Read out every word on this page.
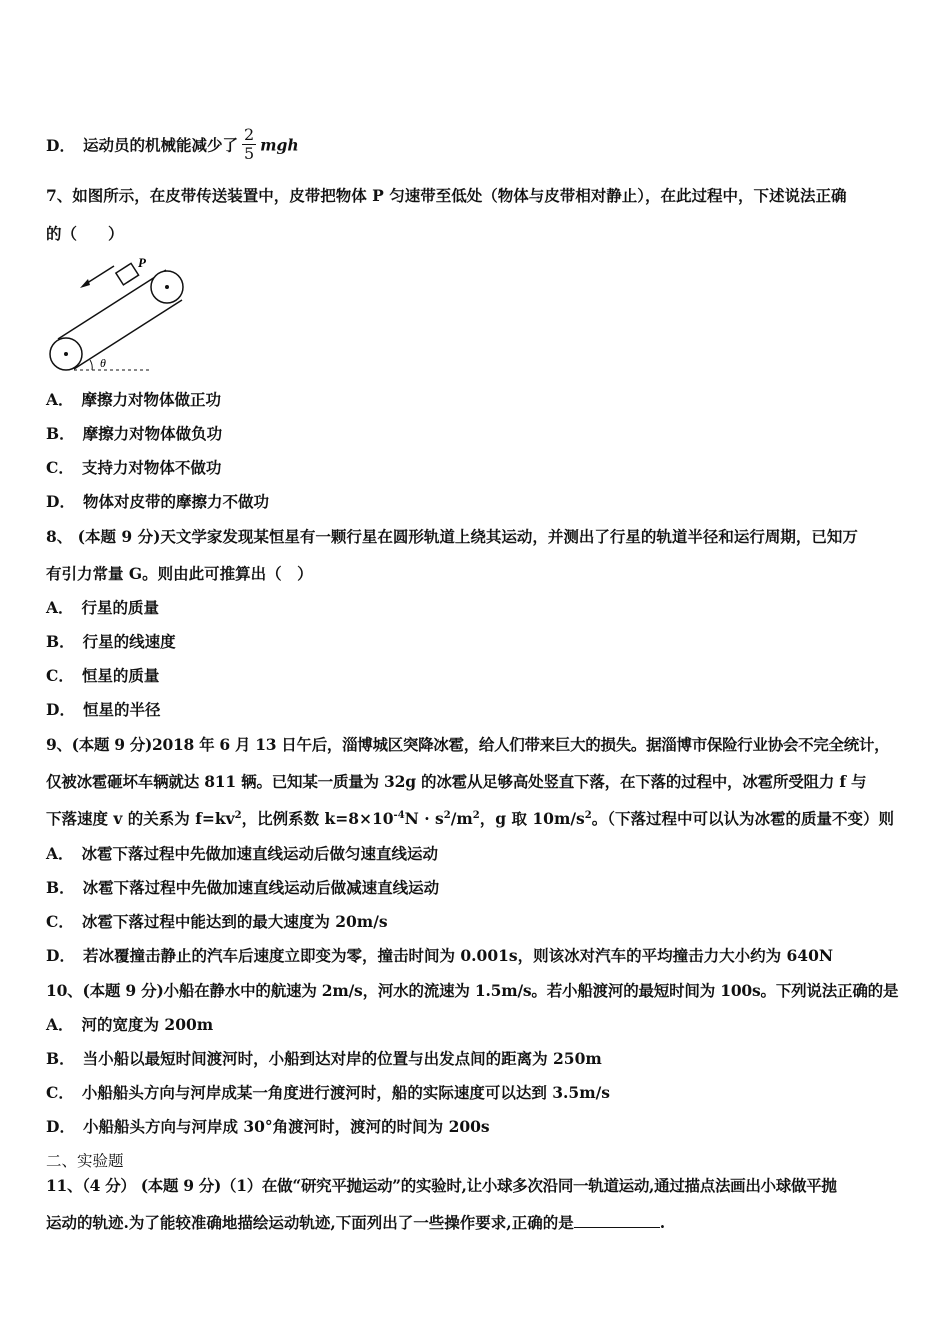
D． 运动员的机械能减少了 $\frac{2}{5}$ mgh
7、如图所示，在皮带传送装置中，皮带把物体 P 匀速带至低处（物体与皮带相对静止），在此过程中，下述说法正确
的（　　）
P
θ
A． 摩擦力对物体做正功
B． 摩擦力对物体做负功
C． 支持力对物体不做功
D． 物体对皮带的摩擦力不做功
8、 (本题 9 分)天文学家发现某恒星有一颗行星在圆形轨道上绕其运动，并测出了行星的轨道半径和运行周期，已知万
有引力常量 G。则由此可推算出（　）
A． 行星的质量
B． 行星的线速度
C． 恒星的质量
D． 恒星的半径
9、(本题 9 分)2018 年 6 月 13 日午后，淄博城区突降冰雹，给人们带来巨大的损失。据淄博市保险行业协会不完全统计，
仅被冰雹砸坏车辆就达 811 辆。已知某一质量为 32g 的冰雹从足够高处竖直下落，在下落的过程中，冰雹所受阻力 f 与
下落速度 v 的关系为 $f=kv^2$，比例系数 $k=8\times 10^{-4}N \cdot s^2/m^2$，g 取 $10m/s^2$。（下落过程中可以认为冰雹的质量不变）则
A． 冰雹下落过程中先做加速直线运动后做匀速直线运动
B． 冰雹下落过程中先做加速直线运动后做减速直线运动
C． 冰雹下落过程中能达到的最大速度为 20m/s
D． 若冰覆撞击静止的汽车后速度立即变为零，撞击时间为 0.001s，则该冰对汽车的平均撞击力大小约为 640N
10、(本题 9 分)小船在静水中的航速为 2m/s，河水的流速为 1.5m/s。若小船渡河的最短时间为 100s。下列说法正确的是
A． 河的宽度为 200m
B． 当小船以最短时间渡河时，小船到达对岸的位置与出发点间的距离为 250m
C． 小船船头方向与河岸成某一角度进行渡河时，船的实际速度可以达到 3.5m/s
D． 小船船头方向与河岸成 30°角渡河时，渡河的时间为 200s
二、实验题
11、（4 分） (本题 9 分)（1）在做“研究平抛运动”的实验时,让小球多次沿同一轨道运动,通过描点法画出小球做平抛
运动的轨迹.为了能较准确地描绘运动轨迹,下面列出了一些操作要求,正确的是	.
